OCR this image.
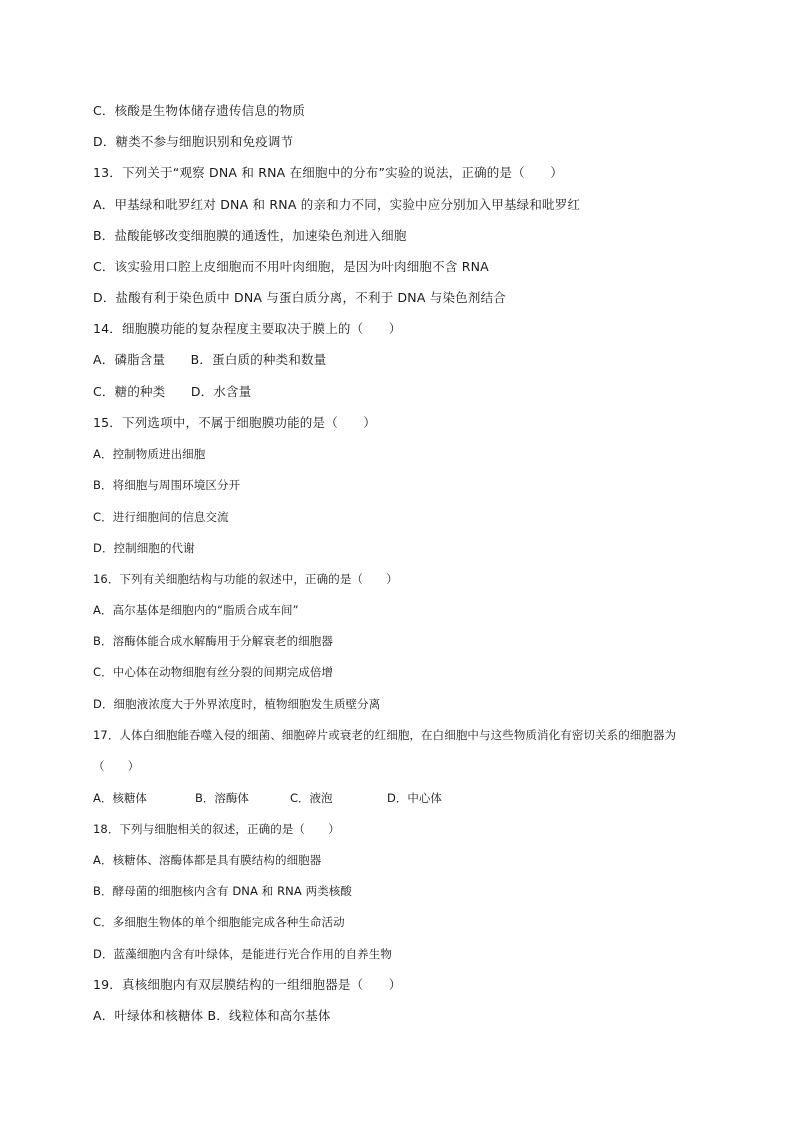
C．核酸是生物体储存遗传信息的物质
D．糖类不参与细胞识别和免疫调节
13．下列关于“观察 DNA 和 RNA 在细胞中的分布”实验的说法，正确的是（　　）
A．甲基绿和吡罗红对 DNA 和 RNA 的亲和力不同，实验中应分别加入甲基绿和吡罗红
B．盐酸能够改变细胞膜的通透性，加速染色剂进入细胞
C．该实验用口腔上皮细胞而不用叶肉细胞，是因为叶肉细胞不含 RNA
D．盐酸有利于染色质中 DNA 与蛋白质分离，不利于 DNA 与染色剂结合
14．细胞膜功能的复杂程度主要取决于膜上的（　　）
A．磷脂含量　　B．蛋白质的种类和数量
C．糖的种类　　D．水含量
15．下列选项中，不属于细胞膜功能的是（　　）
A．控制物质进出细胞
B．将细胞与周围环境区分开
C．进行细胞间的信息交流
D．控制细胞的代谢
16．下列有关细胞结构与功能的叙述中，正确的是（　　）
A．高尔基体是细胞内的“脂质合成车间”
B．溶酶体能合成水解酶用于分解衰老的细胞器
C．中心体在动物细胞有丝分裂的间期完成倍增
D．细胞液浓度大于外界浓度时，植物细胞发生质壁分离
17．人体白细胞能吞噬入侵的细菌、细胞碎片或衰老的红细胞，在白细胞中与这些物质消化有密切关系的细胞器为
（　　）
A．核糖体	B．溶酶体	C．液泡	D．中心体
18．下列与细胞相关的叙述，正确的是（　　）
A．核糖体、溶酶体都是具有膜结构的细胞器
B．酵母菌的细胞核内含有 DNA 和 RNA 两类核酸
C．多细胞生物体的单个细胞能完成各种生命活动
D．蓝藻细胞内含有叶绿体，是能进行光合作用的自养生物
19．真核细胞内有双层膜结构的一组细胞器是（　　）
A．叶绿体和核糖体 B．线粒体和高尔基体
